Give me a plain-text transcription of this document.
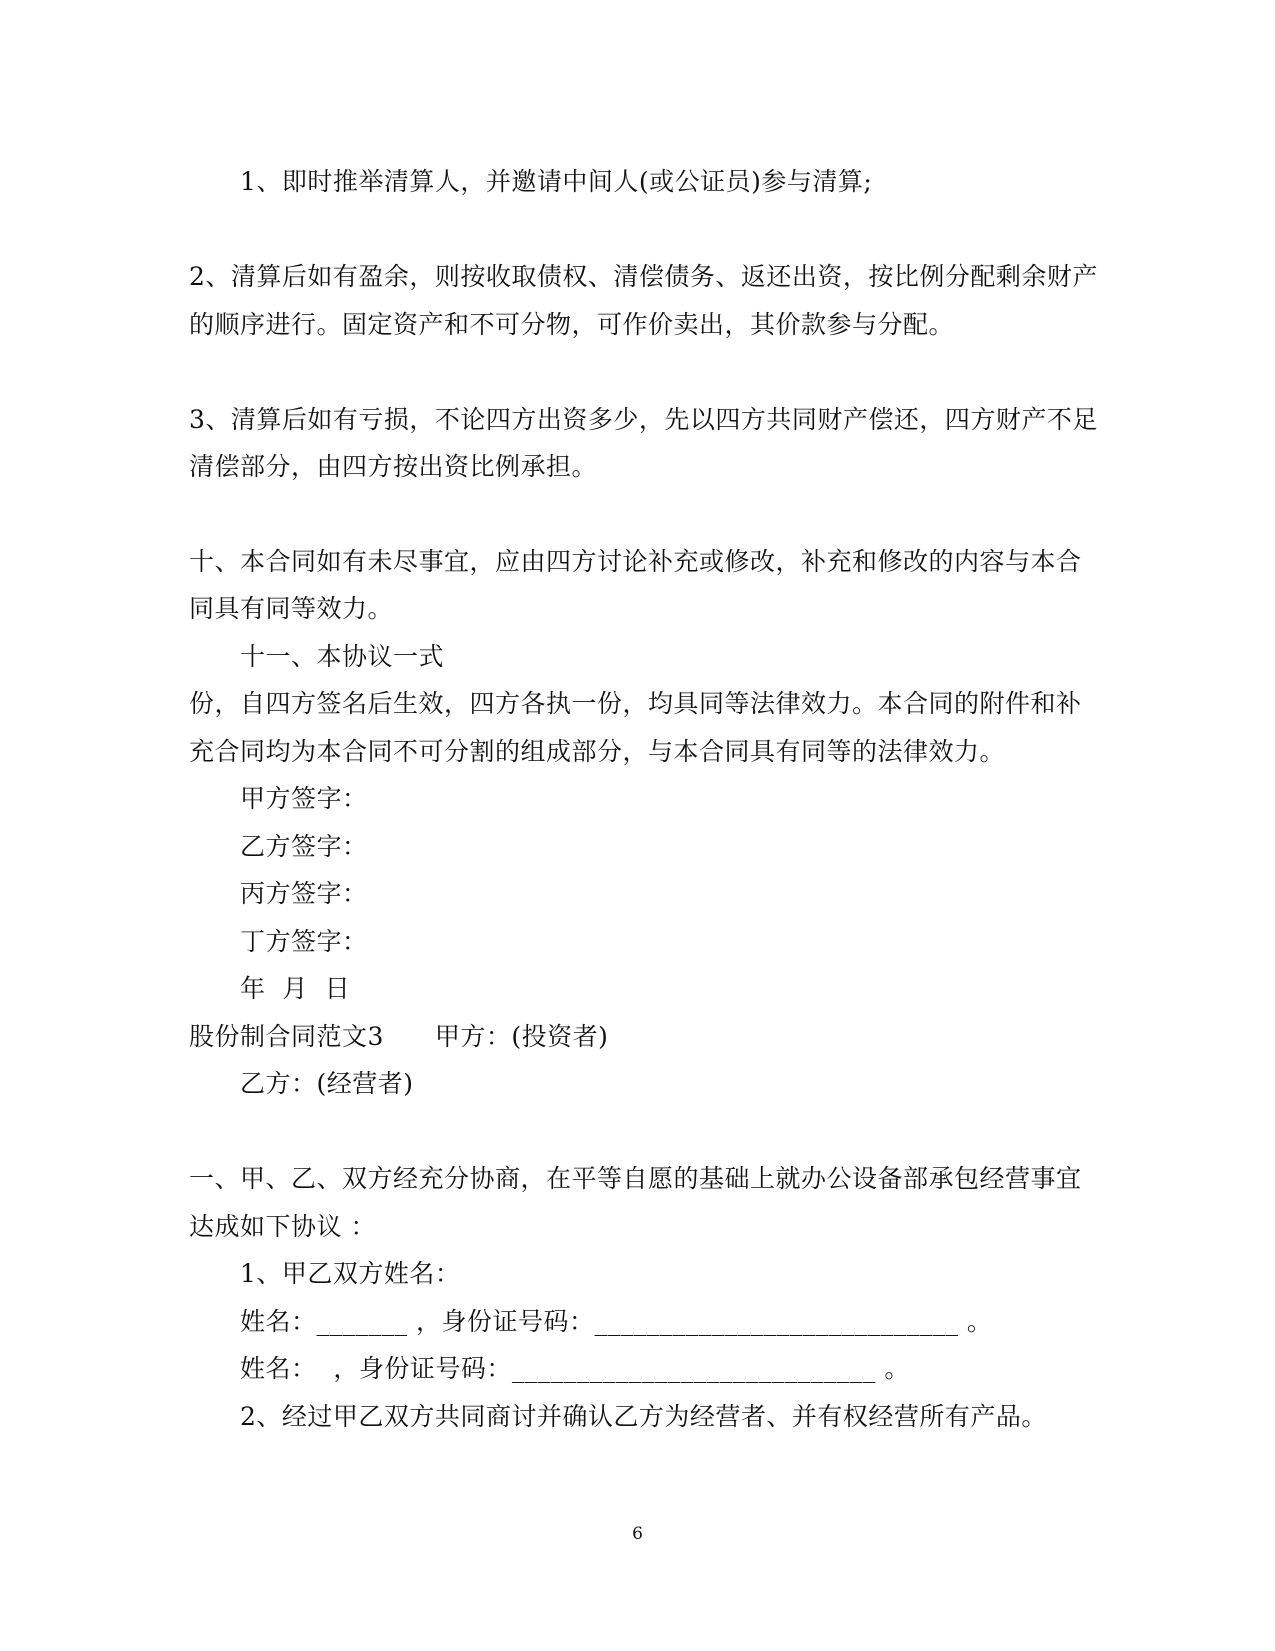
1、即时推举清算人，并邀请中间人(或公证员)参与清算;
2、清算后如有盈余，则按收取债权、清偿债务、返还出资，按比例分配剩余财产
的顺序进行。固定资产和不可分物，可作价卖出，其价款参与分配。
3、清算后如有亏损，不论四方出资多少，先以四方共同财产偿还，四方财产不足
清偿部分，由四方按出资比例承担。
十、本合同如有未尽事宜，应由四方讨论补充或修改，补充和修改的内容与本合
同具有同等效力。
十一、本协议一式
份，自四方签名后生效，四方各执一份，均具同等法律效力。本合同的附件和补
充合同均为本合同不可分割的组成部分，与本合同具有同等的法律效力。
甲方签字：
乙方签字：
丙方签字：
丁方签字：
年  月  日
股份制合同范文3　　甲方：(投资者)
乙方：(经营者)
一、甲、乙、双方经充分协商，在平等自愿的基础上就办公设备部承包经营事宜
达成如下协议 ：
1、甲乙双方姓名：
姓名：_______ ，身份证号码：____________________________ 。
姓名：  ，身份证号码：____________________________ 。
2、经过甲乙双方共同商讨并确认乙方为经营者、并有权经营所有产品。
6
